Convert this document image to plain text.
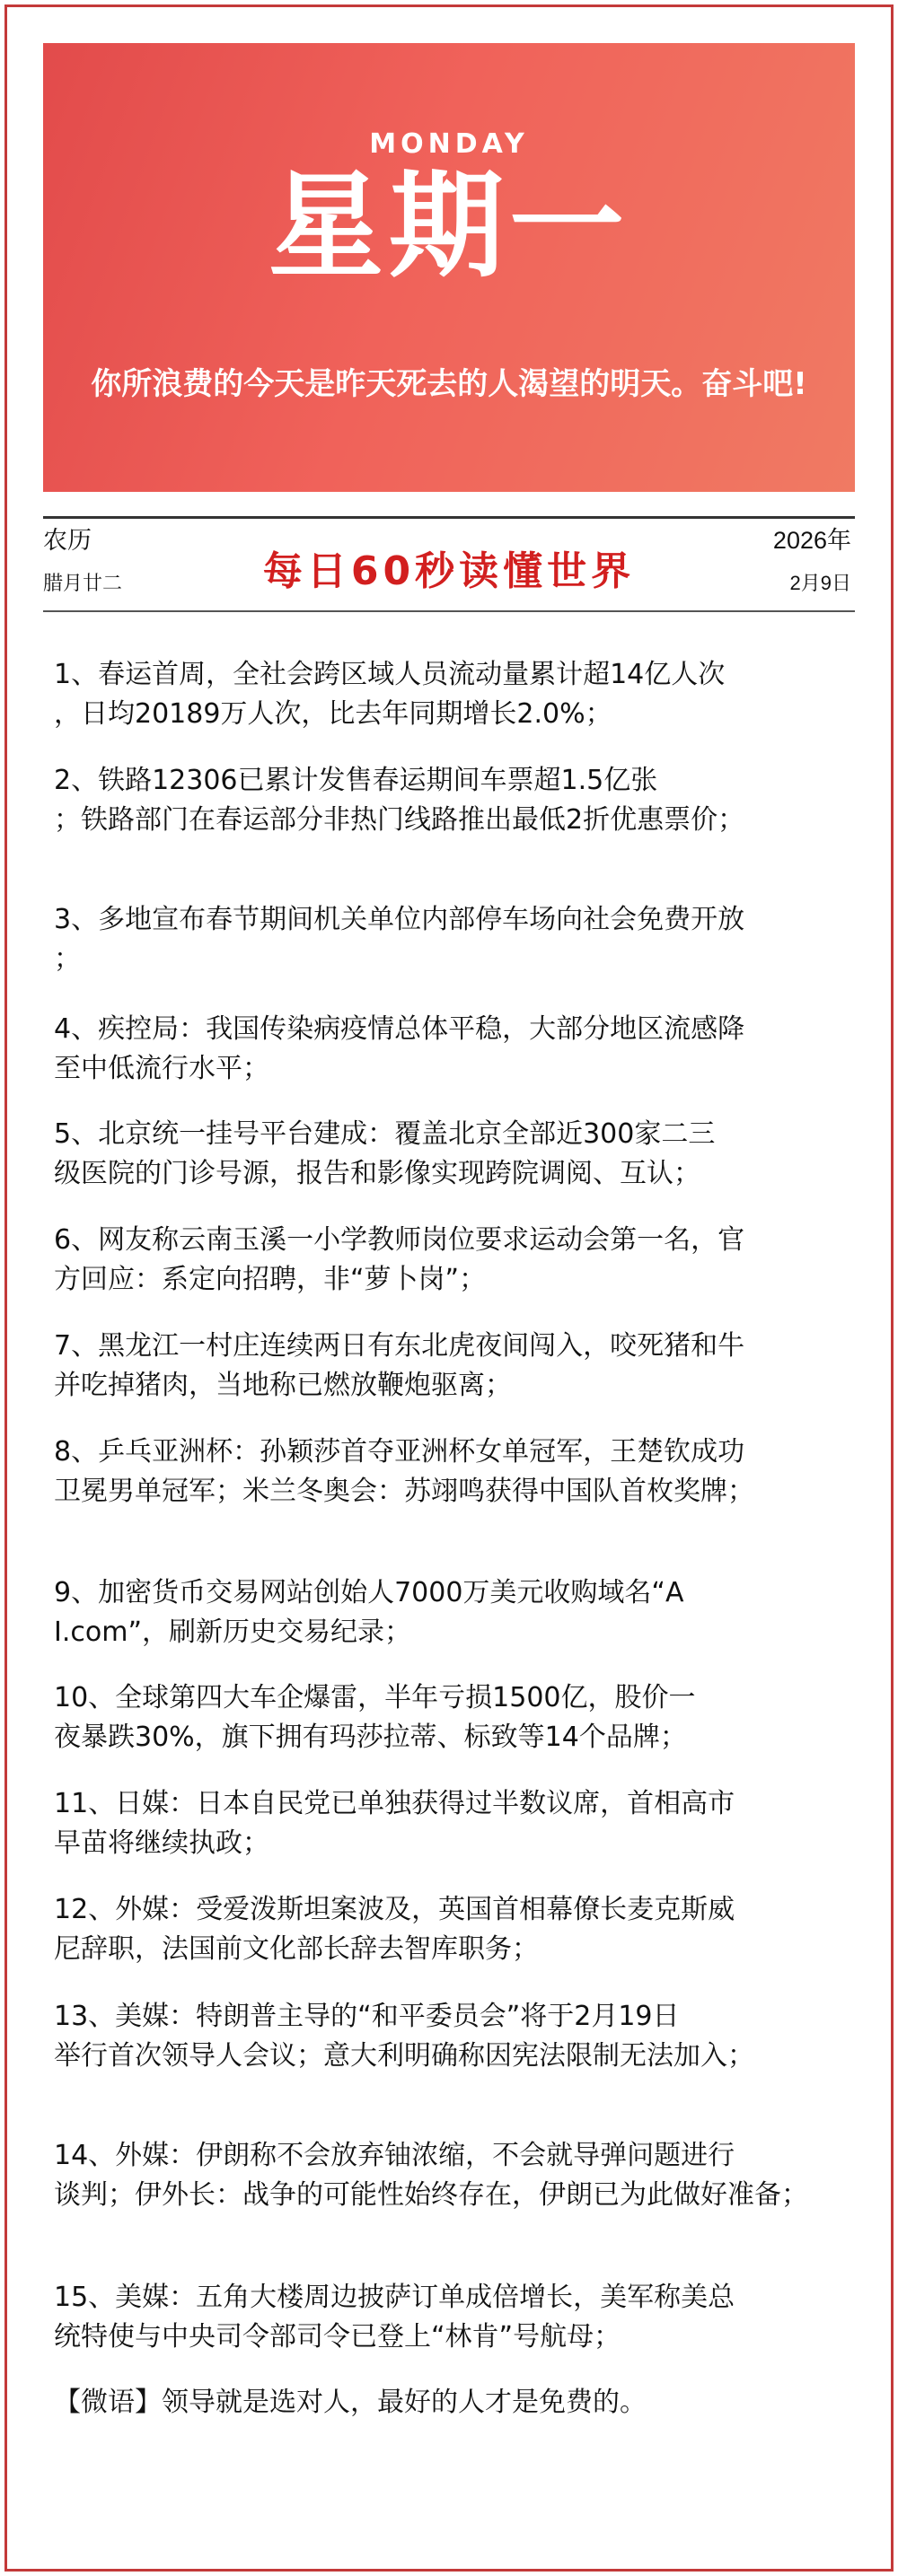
MONDAY
星期一
你所浪费的今天是昨天死去的人渴望的明天。奋斗吧!
农历
腊月廿二	每日60秒读懂世界
2026年
2月9日

1、春运首周，全社会跨区域人员流动量累计超14亿人次

，日均20189万人次，比去年同期增长2.0%；

2、铁路12306已累计发售春运期间车票超1.5亿张

；铁路部门在春运部分非热门线路推出最低2折优惠票价；

3、多地宣布春节期间机关单位内部停车场向社会免费开放

；

4、疾控局：我国传染病疫情总体平稳，大部分地区流感降

至中低流行水平；

5、北京统一挂号平台建成：覆盖北京全部近300家二三

级医院的门诊号源，报告和影像实现跨院调阅、互认；

6、网友称云南玉溪一小学教师岗位要求运动会第一名，官

方回应：系定向招聘，非“萝卜岗”；

7、黑龙江一村庄连续两日有东北虎夜间闯入，咬死猪和牛

并吃掉猪肉，当地称已燃放鞭炮驱离；

8、乒乓亚洲杯：孙颖莎首夺亚洲杯女单冠军，王楚钦成功

卫冕男单冠军；米兰冬奥会：苏翊鸣获得中国队首枚奖牌；

9、加密货币交易网站创始人7000万美元收购域名“A

I.com”，刷新历史交易纪录；

10、全球第四大车企爆雷，半年亏损1500亿，股价一

夜暴跌30%，旗下拥有玛莎拉蒂、标致等14个品牌；

11、日媒：日本自民党已单独获得过半数议席，首相高市

早苗将继续执政；

12、外媒：受爱泼斯坦案波及，英国首相幕僚长麦克斯威

尼辞职，法国前文化部长辞去智库职务；

13、美媒：特朗普主导的“和平委员会”将于2月19日

举行首次领导人会议；意大利明确称因宪法限制无法加入；

14、外媒：伊朗称不会放弃铀浓缩，不会就导弹问题进行

谈判；伊外长：战争的可能性始终存在，伊朗已为此做好准备；

15、美媒：五角大楼周边披萨订单成倍增长，美军称美总

统特使与中央司令部司令已登上“林肯”号航母；

【微语】领导就是选对人，最好的人才是免费的。
